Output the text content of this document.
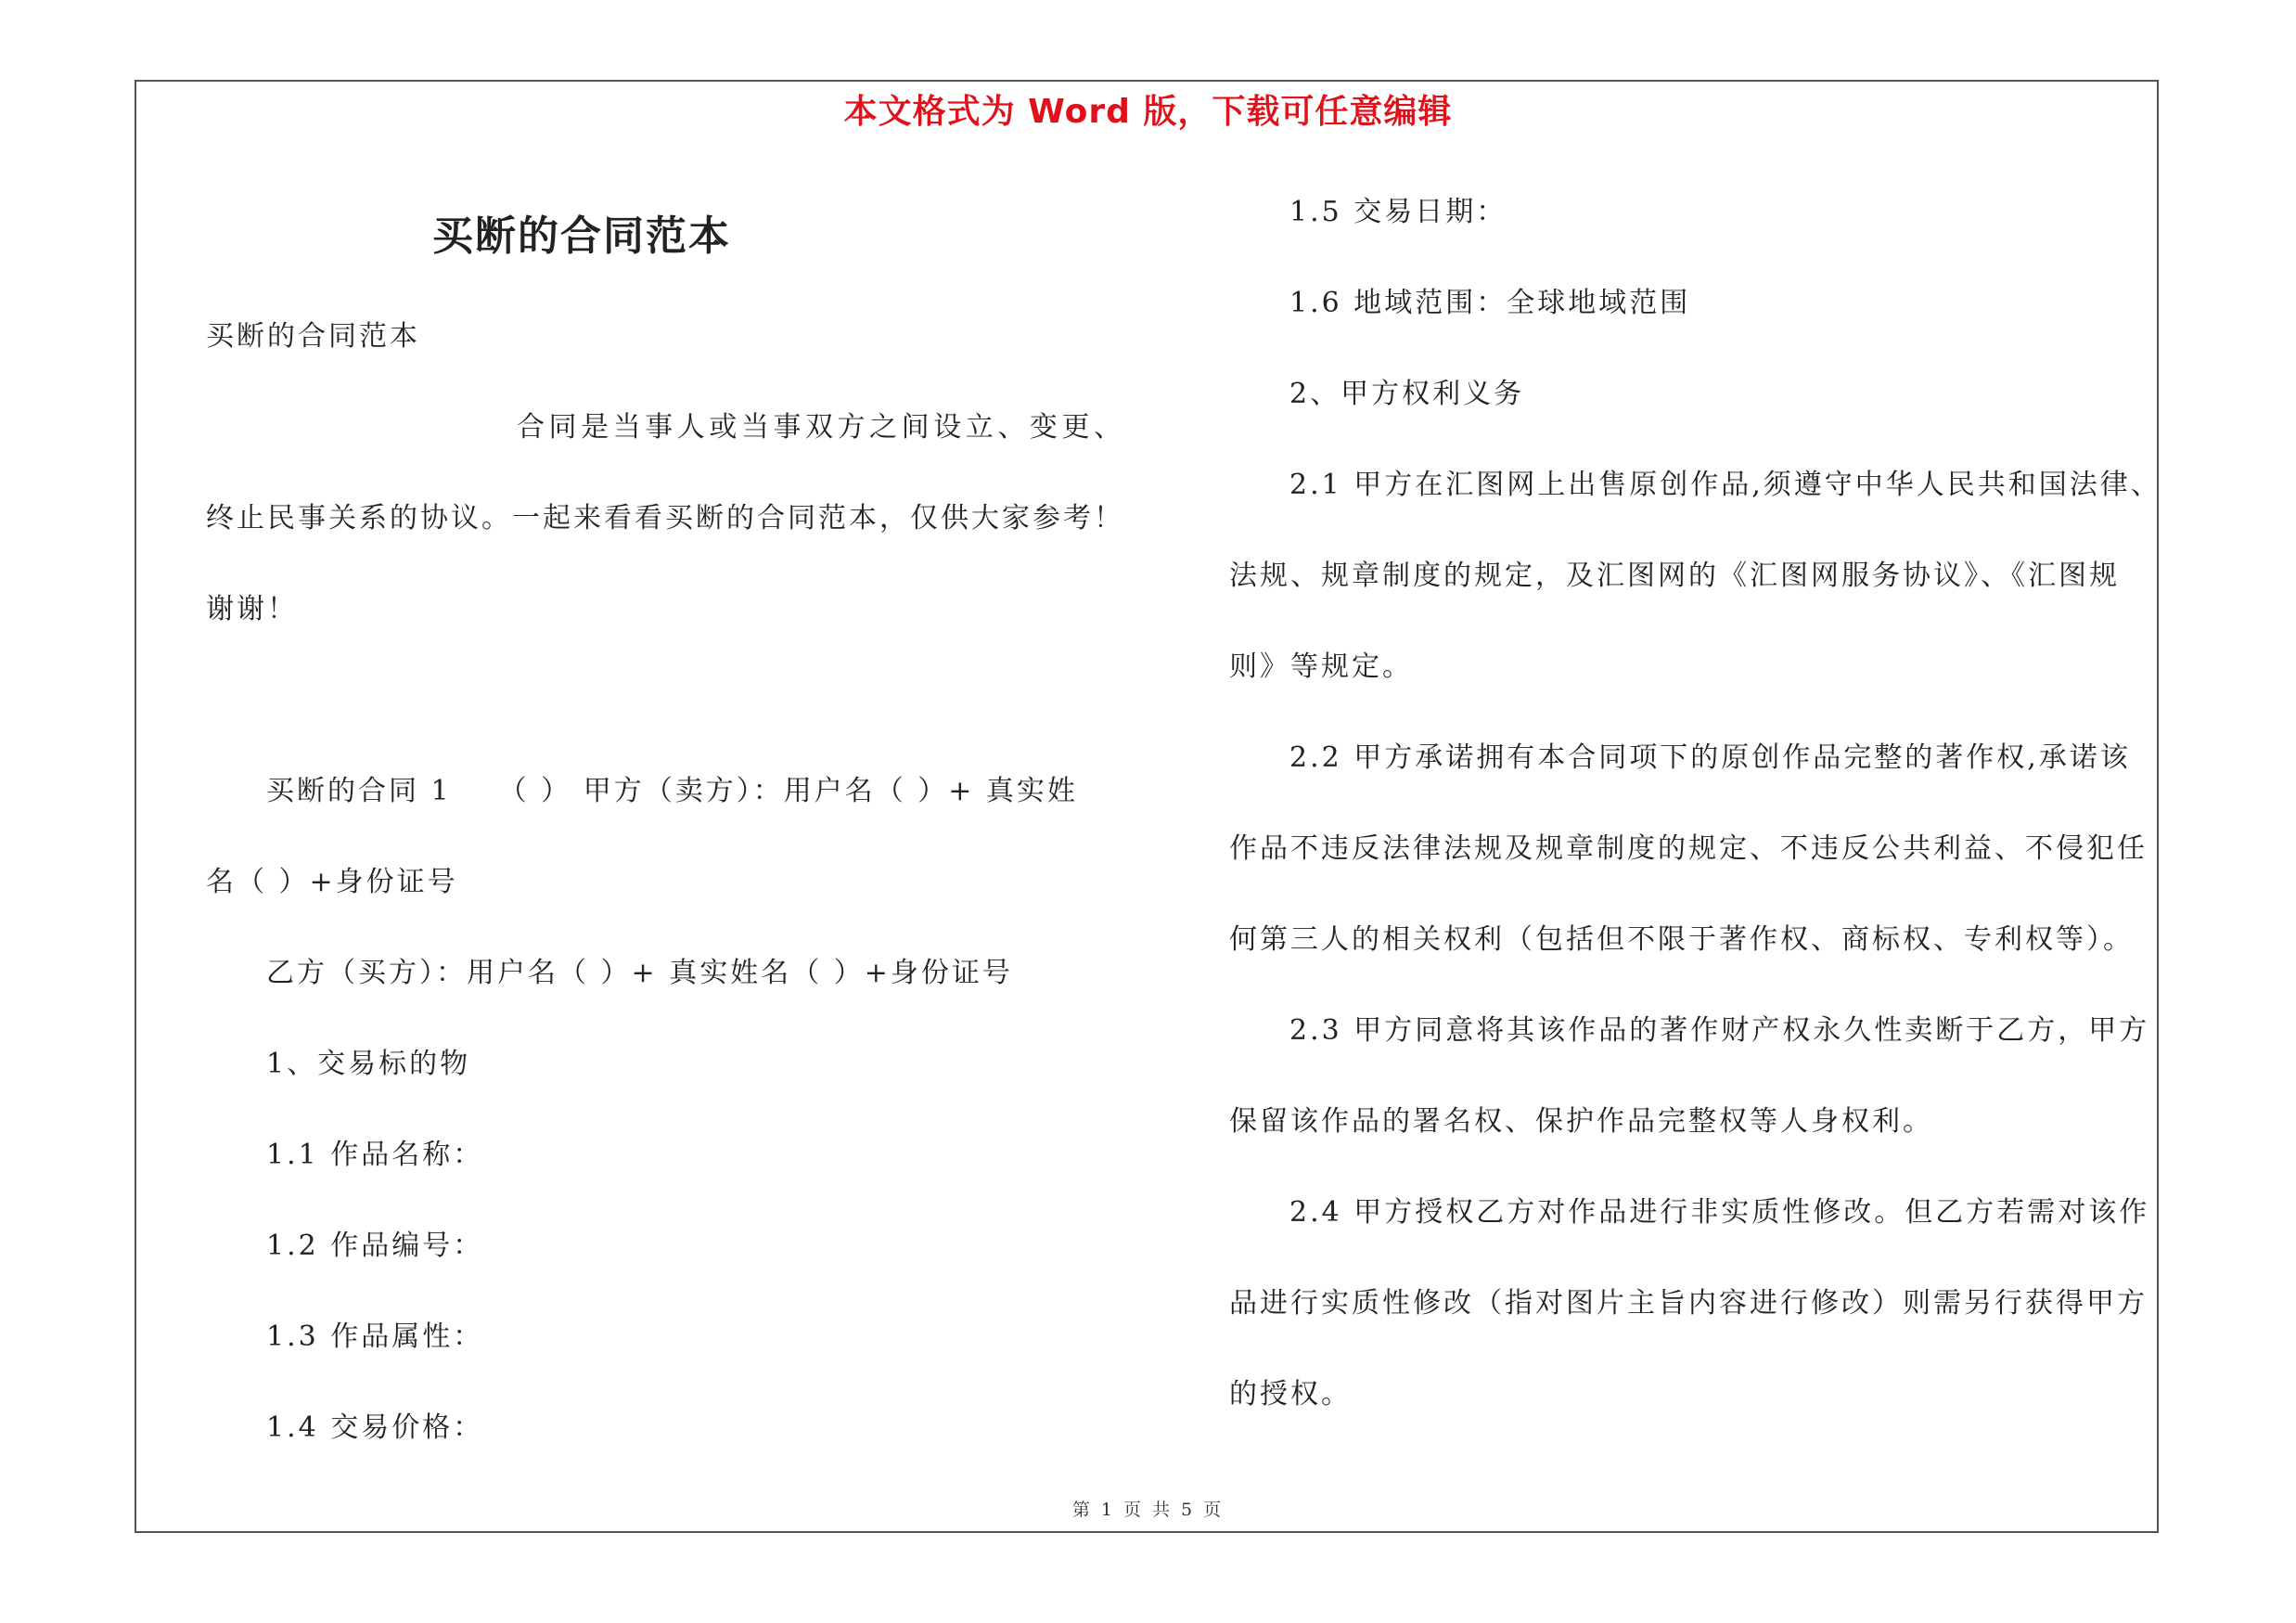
本文格式为 Word 版，下载可任意编辑
买断的合同范本

买断的合同范本

合同是当事人或当事双方之间设立、变更、终止民事关系的协议。一起来看看买断的合同范本，仅供大家参考！谢谢！

买断的合同 1　　（ ） 甲方（卖方）：用户名（ ）+ 真实姓

名（ ）+身份证号

乙方（买方）：用户名（ ）+ 真实姓名（ ）+身份证号

1、交易标的物

1.1 作品名称：

1.2 作品编号：

1.3 作品属性：

1.4 交易价格：

1.5 交易日期：

1.6 地域范围：全球地域范围

2、甲方权利义务

2.1 甲方在汇图网上出售原创作品,须遵守中华人民共和国法律、

法规、规章制度的规定，及汇图网的《汇图网服务协议》、《汇图规

则》等规定。

2.2 甲方承诺拥有本合同项下的原创作品完整的著作权,承诺该

作品不违反法律法规及规章制度的规定、不违反公共利益、不侵犯任

何第三人的相关权利（包括但不限于著作权、商标权、专利权等）。

2.3 甲方同意将其该作品的著作财产权永久性卖断于乙方，甲方

保留该作品的署名权、保护作品完整权等人身权利。

2.4 甲方授权乙方对作品进行非实质性修改。但乙方若需对该作

品进行实质性修改（指对图片主旨内容进行修改）则需另行获得甲方

的授权。

第 1 页 共 5 页
